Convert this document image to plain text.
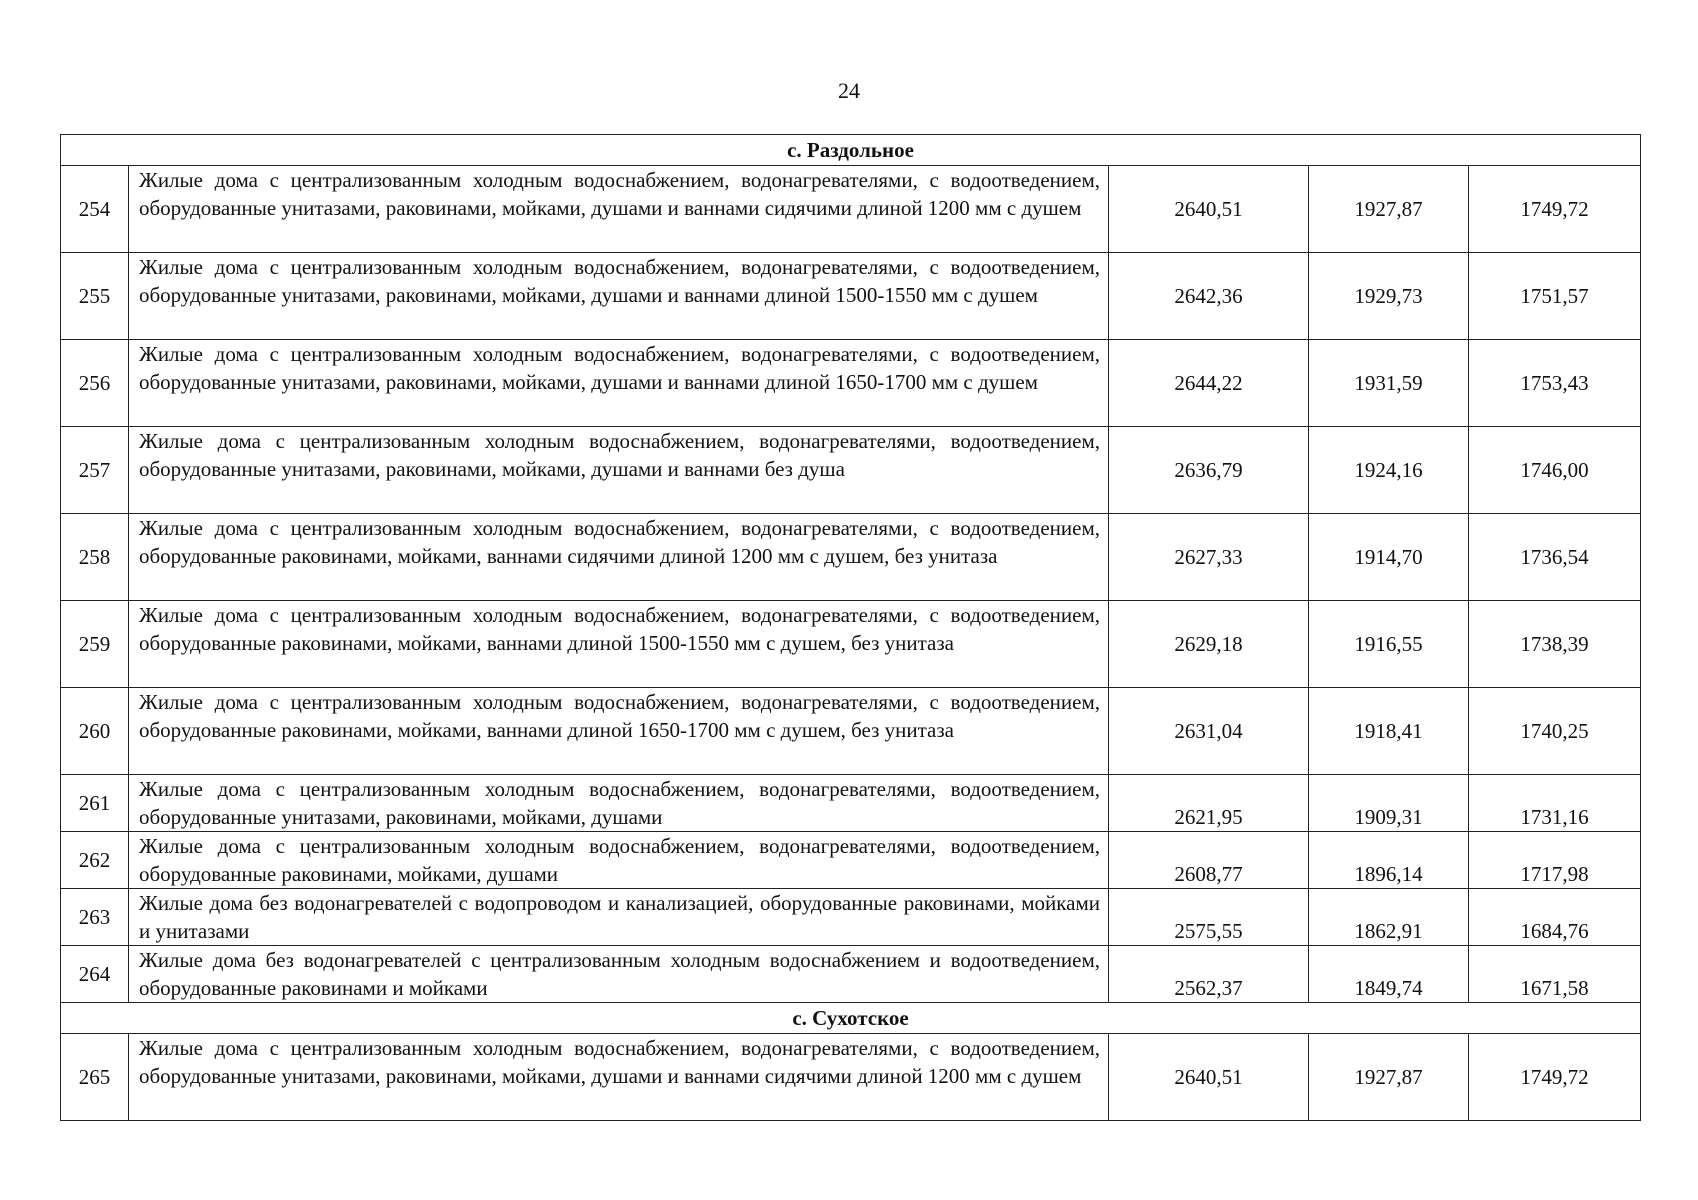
24
с. Раздольное				
254	Жилые дома с централизованным холодным водоснабжением, водонагревателями, с водоотведением, оборудованные унитазами, раковинами, мойками, душами и ваннами сидячими длиной 1200 мм с душем	2640,51	1927,87	1749,72
255	Жилые дома с централизованным холодным водоснабжением, водонагревателями, с водоотведением, оборудованные унитазами, раковинами, мойками, душами и ваннами длиной 1500-1550 мм с душем	2642,36	1929,73	1751,57
256	Жилые дома с централизованным холодным водоснабжением, водонагревателями, с водоотведением, оборудованные унитазами, раковинами, мойками, душами и ваннами длиной 1650-1700 мм с душем	2644,22	1931,59	1753,43
257	Жилые дома с централизованным холодным водоснабжением, водонагревателями, водоотведением, оборудованные унитазами, раковинами, мойками, душами и ваннами без душа	2636,79	1924,16	1746,00
258	Жилые дома с централизованным холодным водоснабжением, водонагревателями, с водоотведением, оборудованные раковинами, мойками, ваннами сидячими длиной 1200 мм с душем, без унитаза	2627,33	1914,70	1736,54
259	Жилые дома с централизованным холодным водоснабжением, водонагревателями, с водоотведением, оборудованные раковинами, мойками, ваннами длиной 1500-1550 мм с душем, без унитаза	2629,18	1916,55	1738,39
260	Жилые дома с централизованным холодным водоснабжением, водонагревателями, с водоотведением, оборудованные раковинами, мойками, ваннами длиной 1650-1700 мм с душем, без унитаза	2631,04	1918,41	1740,25
261	Жилые дома с централизованным холодным водоснабжением, водонагревателями, водоотведением, оборудованные унитазами, раковинами, мойками, душами	2621,95	1909,31	1731,16
262	Жилые дома с централизованным холодным водоснабжением, водонагревателями, водоотведением, оборудованные раковинами, мойками, душами	2608,77	1896,14	1717,98
263	Жилые дома без водонагревателей с водопроводом и канализацией, оборудованные раковинами, мойками и унитазами	2575,55	1862,91	1684,76
264	Жилые дома без водонагревателей с централизованным холодным водоснабжением и водоотведением, оборудованные раковинами и мойками	2562,37	1849,74	1671,58
с. Сухотское				
265	Жилые дома с централизованным холодным водоснабжением, водонагревателями, с водоотведением, оборудованные унитазами, раковинами, мойками, душами и ваннами сидячими длиной 1200 мм с душем	2640,51	1927,87	1749,72
